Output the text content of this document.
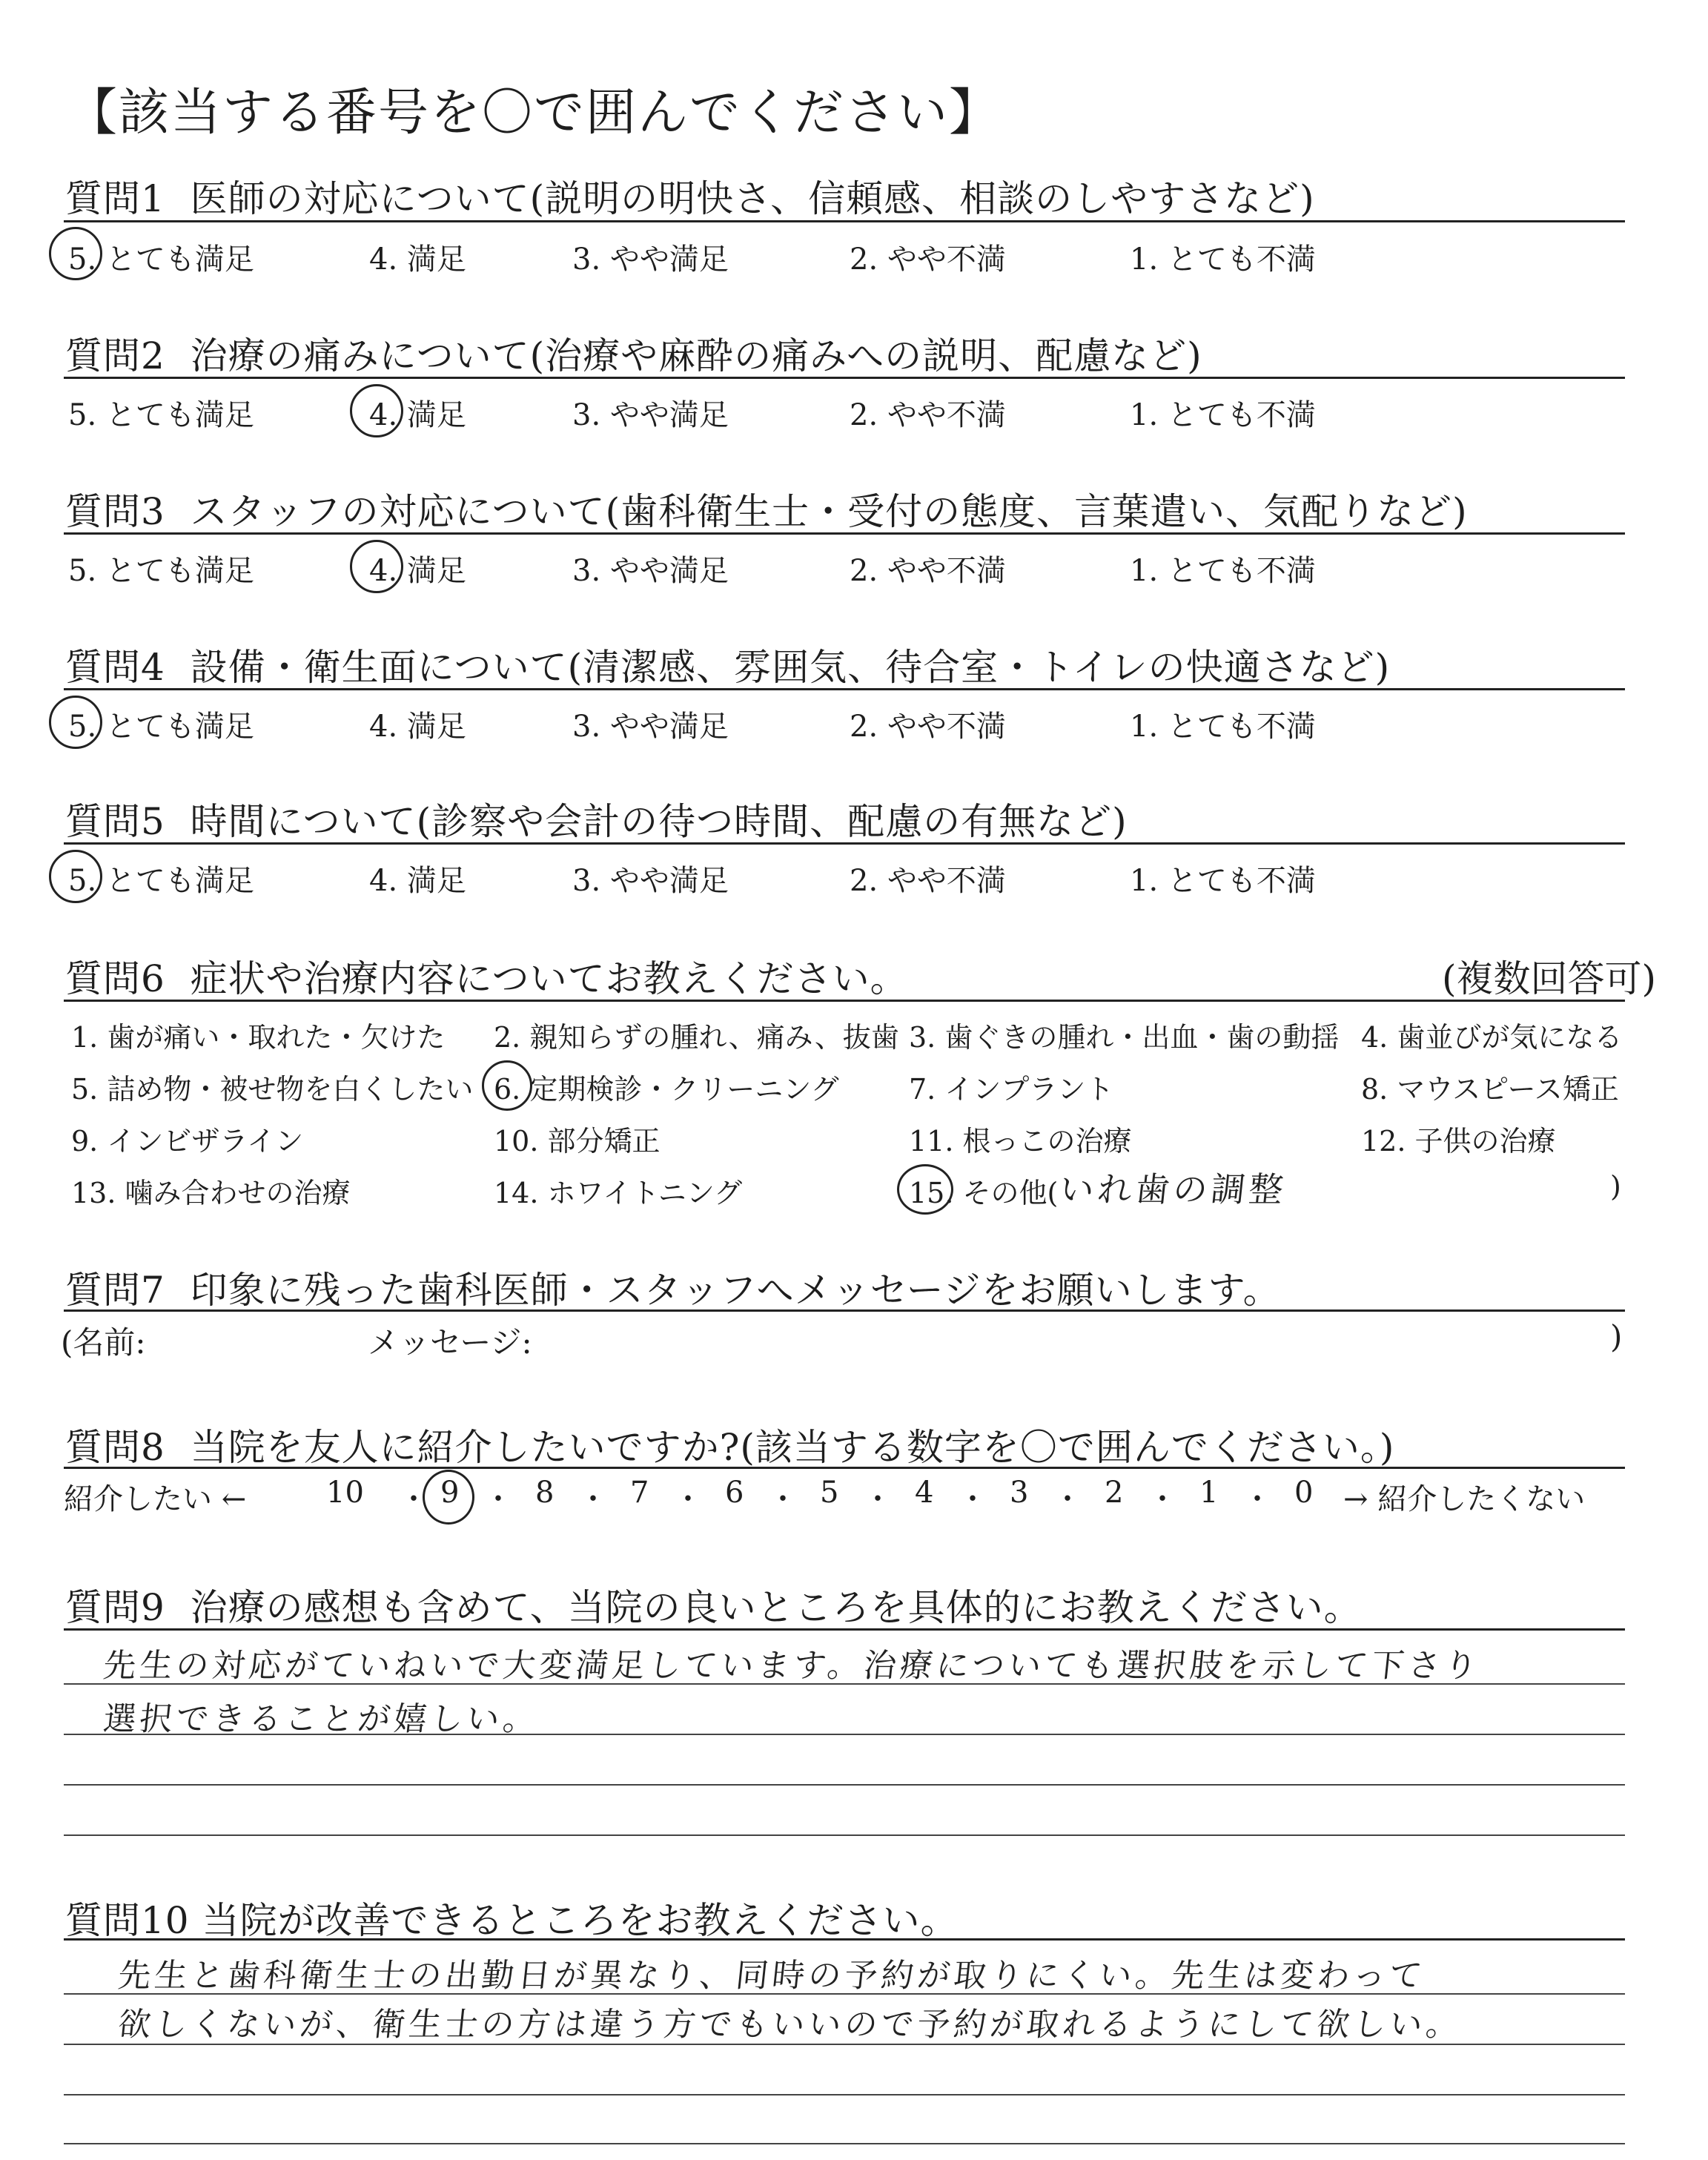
【該当する番号を〇で囲んでください】
質問1 医師の対応について(説明の明快さ、信頼感、相談のしやすさなど)
5. とても満足	4. 満足	3. やや満足	2. やや不満	1. とても不満
質問2 治療の痛みについて(治療や麻酔の痛みへの説明、配慮など)
5. とても満足	4. 満足	3. やや満足	2. やや不満	1. とても不満
質問3 スタッフの対応について(歯科衛生士・受付の態度、言葉遣い、気配りなど)
5. とても満足	4. 満足	3. やや満足	2. やや不満	1. とても不満
質問4 設備・衛生面について(清潔感、雰囲気、待合室・トイレの快適さなど)
5. とても満足	4. 満足	3. やや満足	2. やや不満	1. とても不満
質問5 時間について(診察や会計の待つ時間、配慮の有無など)
5. とても満足	4. 満足	3. やや満足	2. やや不満	1. とても不満
質問6 症状や治療内容についてお教えください。	(複数回答可)
1. 歯が痛い・取れた・欠けた 2. 親知らずの腫れ、痛み、抜歯 3. 歯ぐきの腫れ・出血・歯の動揺 4. 歯並びが気になる
5. 詰め物・被せ物を白くしたい 6. 定期検診・クリーニング 7. インプラント	8. マウスピース矯正
9. インビザライン	10. 部分矯正	11. 根っこの治療	12. 子供の治療
13. 噛み合わせの治療	14. ホワイトニング	15. その他( いれ歯の調整	)
質問7 印象に残った歯科医師・スタッフへメッセージをお願いします。
(名前:	メッセージ:	)
質問8 当院を友人に紹介したいですか?(該当する数字を〇で囲んでください。)
紹介したい ←	10 ・ 9 ・ 8 ・ 7 ・ 6 ・ 5 ・ 4 ・ 3 ・ 2 ・ 1 ・ 0 → 紹介したくない
質問9 治療の感想も含めて、当院の良いところを具体的にお教えください。
先生の対応がていねいで大変満足しています。治療についても選択肢を示して下さり
選択できることが嬉しい。
質問10 当院が改善できるところをお教えください。
先生と歯科衛生士の出勤日が異なり、同時の予約が取りにくい。先生は変わって
欲しくないが、衛生士の方は違う方でもいいので予約が取れるようにして欲しい。
